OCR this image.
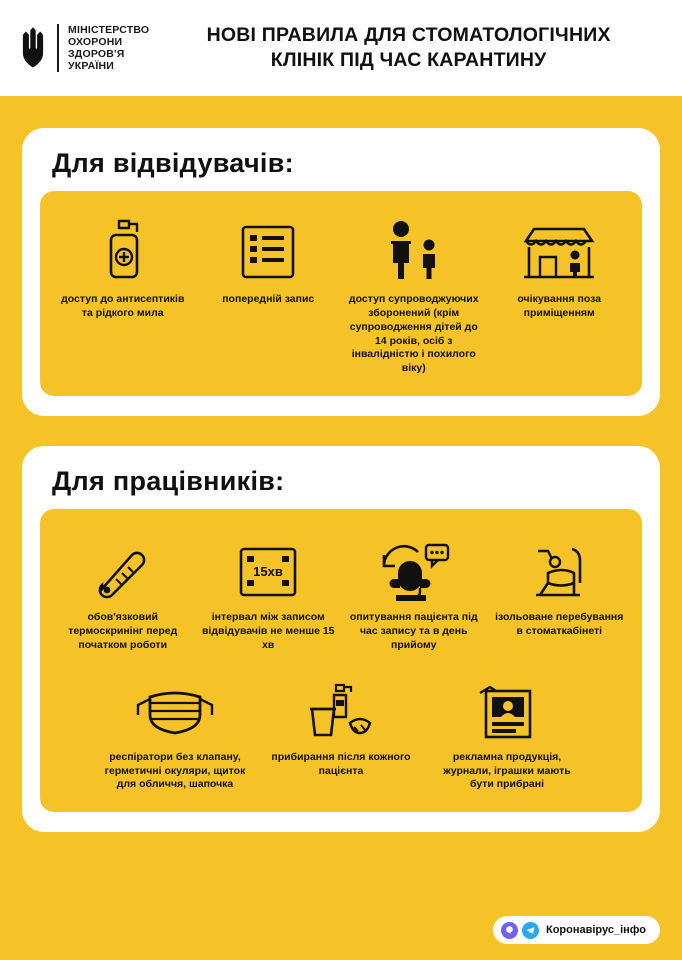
МІНІСТЕРСТВО
ОХОРОНИ
ЗДОРОВ'Я
УКРАЇНИ
НОВІ ПРАВИЛА ДЛЯ СТОМАТОЛОГІЧНИХ
КЛІНІК ПІД ЧАС КАРАНТИНУ
Для відвідувачів:
доступ до антисептиків та рідкого мила
попередній запис	доступ супроводжуючих зборонений (крім супроводження дітей до 14 років, осіб з інвалідністю і похилого віку)
очікування поза приміщенням
Для працівників:
обов'язковий термоскринінг перед початком роботи
15хв
інтервал між записом відвідувачів не менше 15 хв
опитування пацієнта під час запису та в день прийому
ізольоване перебування в стоматкабінеті
респіратори без клапану, герметичні окуляри, щиток для обличчя, шапочка
прибирання після кожного пацієнта
рекламна продукція, журнали, іграшки мають бути прибрані
Коронавірус_інфо
